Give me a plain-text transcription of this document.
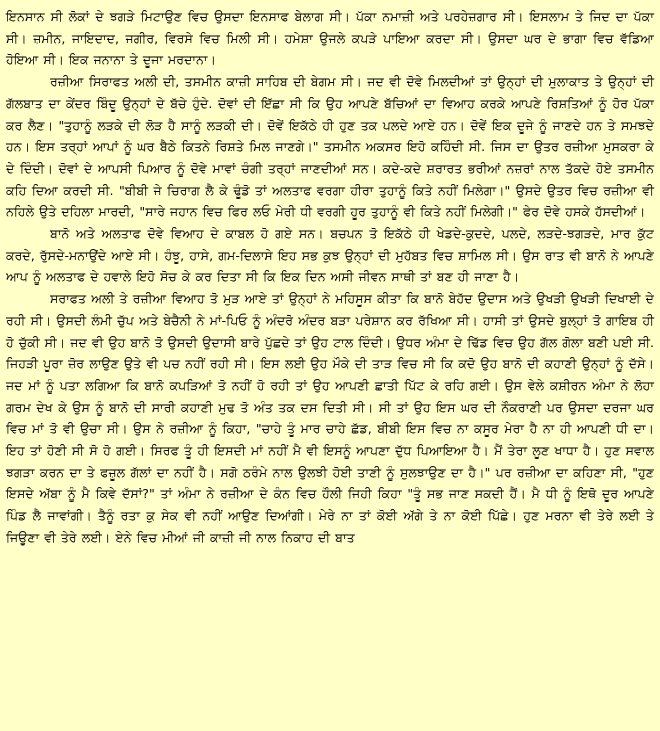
ਇਨਸਾਨ ਸੀ ਲੋਕਾਂ ਦੇ ਝਗੜੇ ਮਿਟਾਉਣ ਵਿਚ ਉਸਦਾ ਇਨਸਾਫ ਬੇਲਾਗ ਸੀ। ਪੱਕਾ ਨਮਾਜ਼ੀ ਅਤੇ ਪਰਹੇਜ਼ਗਾਰ ਸੀ। ਇਸਲਾਮ ਤੇ ਜਿਦ ਦਾ ਪੱਕਾ ਸੀ। ਜ਼ਮੀਨ, ਜਾਇਦਾਦ, ਜਗੀਰ, ਵਿਰਸੇ ਵਿਚ ਮਿਲੀ ਸੀ। ਹਮੇਸ਼ਾ ਉਜਲੇ ਕਪੜੇ ਪਾਇਆ ਕਰਦਾ ਸੀ। ਉਸਦਾ ਘਰ ਦੇ ਭਾਗਾ ਵਿਚ ਵੱਡਿਆ ਹੋਇਆ ਸੀ। ਇਕ ਜਨਾਨਾ ਤੇ ਦੂਜਾ ਮਰਦਾਨਾ।

ਰਜ਼ੀਆ ਸਿਰਾਫਤ ਅਲੀ ਦੀ, ਤਸਮੀਨ ਕਾਜ਼ੀ ਸਾਹਿਬ ਦੀ ਬੇਗਮ ਸੀ। ਜਦ ਵੀ ਦੋਵੇ ਮਿਲਦੀਆਂ ਤਾਂ ਉਨ੍ਹਾਂ ਦੀ ਮੁਲਾਕਾਤ ਤੇ ਉਨ੍ਹਾਂ ਦੀ ਗੱਲਬਾਤ ਦਾ ਕੇਂਦਰ ਬਿੰਦੂ ਉਨ੍ਹਾਂ ਦੇ ਬੱਚੇ ਹੁੰਦੇ. ਦੋਵਾਂ ਦੀ ਇੱਛਾ ਸੀ ਕਿ ਉਹ ਆਪਣੇ ਬੱਚਿਆਂ ਦਾ ਵਿਆਹ ਕਰਕੇ ਆਪਣੇ ਰਿਸ਼ਤਿਆਂ ਨੂੰ ਹੋਰ ਪੱਕਾ ਕਰ ਲੈਣ। "ਤੁਹਾਨੂੰ ਲੜਕੇ ਦੀ ਲੋੜ ਹੈ ਸਾਨੂੰ ਲੜਕੀ ਦੀ। ਦੋਵੇਂ ਇਕੱਠੇ ਹੀ ਹੁਣ ਤਕ ਪਲਦੇ ਆਏ ਹਨ। ਦੋਵੇਂ ਇਕ ਦੂਜੇ ਨੂੰ ਜਾਣਦੇ ਹਨ ਤੇ ਸਮਝਦੇ ਹਨ। ਇਸ ਤਰ੍ਹਾਂ ਆਪਾਂ ਨੂੰ ਘਰ ਬੈਠੇ ਕਿਤਨੇ ਰਿਸ਼ਤੇ ਮਿਲ ਜਾਣਗੇ।" ਤਸਮੀਨ ਅਕਸਰ ਇਹੋ ਕਹਿੰਦੀ ਸੀ. ਜਿਸ ਦਾ ਉਤਰ ਰਜ਼ੀਆ ਮੁਸਕਰਾ ਕੇ ਦੇ ਦਿੰਦੀ। ਦੋਵਾਂ ਦੇ ਆਪਸੀ ਪਿਆਰ ਨੂੰ ਦੋਵੇ ਮਾਵਾਂ ਚੰਗੀ ਤਰ੍ਹਾਂ ਜਾਣਦੀਆਂ ਸਨ। ਕਦੇ-ਕਦੇ ਸ਼ਰਾਰਤ ਭਰੀਆਂ ਨਜ਼ਰਾਂ ਨਾਲ ਤੱਕਦੇ ਹੋਏ ਤਸਮੀਨ ਕਹਿ ਦਿਆ ਕਰਦੀ ਸੀ. "ਬੀਬੀ ਜੇ ਚਿਰਾਗ ਲੈ ਕੇ ਢੂੰਡੋ ਤਾਂ ਅਲਤਾਫ ਵਰਗਾ ਹੀਰਾ ਤੁਹਾਨੂੰ ਕਿਤੇ ਨਹੀਂ ਮਿਲੇਗਾ।" ਉਸਦੇ ਉਤਰ ਵਿਚ ਰਜ਼ੀਆ ਵੀ ਨਹਿਲੇ ਉਤੇ ਦਹਿਲਾ ਮਾਰਦੀ, "ਸਾਰੇ ਜਹਾਨ ਵਿਚ ਫਿਰ ਲਓ ਮੇਰੀ ਧੀ ਵਰਗੀ ਹੂਰ ਤੁਹਾਨੂੰ ਵੀ ਕਿਤੇ ਨਹੀਂ ਮਿਲੇਗੀ।" ਫੇਰ ਦੋਵੇ ਹਸਕੇ ਹੱਸਦੀਆਂ।

ਬਾਨੋ ਅਤੇ ਅਲਤਾਫ ਦੋਵੇ ਵਿਆਹ ਦੇ ਕਾਬਲ ਹੋ ਗਏ ਸਨ। ਬਚਪਨ ਤੋ ਇਕੱਠੇ ਹੀ ਖੇਡਦੇ-ਕੁਦਦੇ, ਪਲਦੇ, ਲੜਦੇ-ਝਗੜਦੇ, ਮਾਰ ਕੁੱਟ ਕਰਦੇ, ਰੁੱਸਦੇ-ਮਨਾਉਂਦੇ ਆਏ ਸੀ। ਹੰਝੂ, ਹਾਸੇ, ਗਮ-ਦਿਲਾਸੇ ਇਹ ਸਭ ਕੁਝ ਉਨ੍ਹਾਂ ਦੀ ਮੁਹੱਬਤ ਵਿਚ ਸ਼ਾਮਿਲ ਸੀ। ਉਸ ਰਾਤ ਵੀ ਬਾਨੋ ਨੇ ਆਪਣੇ ਆਪ ਨੂੰ ਅਲਤਾਫ ਦੇ ਹਵਾਲੇ ਇਹੋ ਸੋਚ ਕੇ ਕਰ ਦਿਤਾ ਸੀ ਕਿ ਇਕ ਦਿਨ ਅਸੀ ਜੀਵਨ ਸਾਥੀ ਤਾਂ ਬਣ ਹੀ ਜਾਣਾ ਹੈ।

ਸਰਾਫਤ ਅਲੀ ਤੇ ਰਜ਼ੀਆ ਵਿਆਹ ਤੋ ਮੁੜ ਆਏ ਤਾਂ ਉਨ੍ਹਾਂ ਨੇ ਮਹਿਸੂਸ ਕੀਤਾ ਕਿ ਬਾਨੋ ਬੇਹੱਦ ਉਦਾਸ ਅਤੇ ਉਖੜੀ ਉਖੜੀ ਦਿਖਾਈ ਦੇ ਰਹੀ ਸੀ। ਉਸਦੀ ਲੰਮੀ ਚੁੱਪ ਅਤੇ ਬੇਚੈਨੀ ਨੇ ਮਾਂ-ਪਿਓ ਨੂੰ ਅੰਦਰੋ ਅੰਦਰ ਬੜਾ ਪਰੇਸ਼ਾਨ ਕਰ ਰੱਖਿਆ ਸੀ। ਹਾਸੀ ਤਾਂ ਉਸਦੇ ਬੁਲ੍ਹਾਂ ਤੋ ਗਾਇਬ ਹੀ ਹੋ ਚੁੱਕੀ ਸੀ। ਜਦ ਵੀ ਉਹ ਬਾਨੋ ਤੋ ਉਸਦੀ ਉਦਾਸੀ ਬਾਰੇ ਪੁੱਛਦੇ ਤਾਂ ਉਹ ਟਾਲ ਦਿੰਦੀ। ਉਧਰ ਅੰਮਾ ਦੇ ਢਿੱਡ ਵਿਚ ਉਹ ਗੱਲ ਗੋਲਾ ਬਣੀ ਪਈ ਸੀ. ਜਿਹੜੀ ਪੂਰਾ ਜ਼ੋਰ ਲਾਉਣ ਉਤੇ ਵੀ ਪਚ ਨਹੀਂ ਰਹੀ ਸੀ। ਇਸ ਲਈ ਉਹ ਮੌਕੇ ਦੀ ਤਾੜ ਵਿਚ ਸੀ ਕਿ ਕਦੋ ਉਹ ਬਾਨੋ ਦੀ ਕਹਾਣੀ ਉਨ੍ਹਾਂ ਨੂੰ ਦੱਸੇ। ਜਦ ਮਾਂ ਨੂੰ ਪਤਾ ਲਗਿਆ ਕਿ ਬਾਨੋ ਕਪੜਿਆਂ ਤੋ ਨਹੀਂ ਹੋ ਰਹੀ ਤਾਂ ਉਹ ਆਪਣੀ ਛਾਤੀ ਪਿੱਟ ਕੇ ਰਹਿ ਗਈ। ਉਸ ਵੇਲੇ ਕਸ਼ੀਰਨ ਅੰਮਾ ਨੇ ਲੋਹਾ ਗਰਮ ਦੇਖ ਕੇ ਉਸ ਨੂੰ ਬਾਨੋ ਦੀ ਸਾਰੀ ਕਹਾਣੀ ਮੁਢ ਤੋ ਅੰਤ ਤਕ ਦਸ ਦਿਤੀ ਸੀ। ਸੀ ਤਾਂ ਉਹ ਇਸ ਘਰ ਦੀ ਨੌਕਰਾਣੀ ਪਰ ਉਸਦਾ ਦਰਜਾ ਘਰ ਵਿਚ ਮਾਂ ਤੋ ਵੀ ਉਚਾ ਸੀ। ਉਸ ਨੇ ਰਜ਼ੀਆ ਨੂੰ ਕਿਹਾ, "ਚਾਹੇ ਤੂੰ ਮਾਰ ਚਾਹੇ ਛੱਡ, ਬੀਬੀ ਇਸ ਵਿਚ ਨਾ ਕਸੂਰ ਮੇਰਾ ਹੈ ਨਾ ਹੀ ਆਪਣੀ ਧੀ ਦਾ। ਇਹ ਤਾਂ ਹੋਣੀ ਸੀ ਸੋ ਹੋ ਗਈ। ਸਿਰਫ ਤੂੰ ਹੀ ਇਸਦੀ ਮਾਂ ਨਹੀਂ ਮੈ ਵੀ ਇਸਨੂੰ ਆਪਣਾ ਦੁੱਧ ਪਿਆਇਆ ਹੈ। ਮੈਂ ਤੇਰਾ ਲੂਣ ਖਾਧਾ ਹੈ। ਹੁਣ ਸਵਾਲ ਝਗੜਾ ਕਰਨ ਦਾ ਤੇ ਫਜ਼ੂਲ ਗੱਲਾਂ ਦਾ ਨਹੀਂ ਹੈ। ਸਗੋ ਠਰੰਮੇ ਨਾਲ ਉਲਝੀ ਹੋਈ ਤਾਣੀ ਨੂੰ ਸੁਲਝਾਉਣ ਦਾ ਹੈ।" ਪਰ ਰਜ਼ੀਆ ਦਾ ਕਹਿਣਾ ਸੀ, "ਹੁਣ ਇਸਦੇ ਅੱਬਾ ਨੂੰ ਮੈ ਕਿਵੇ ਦੱਸਾਂ?" ਤਾਂ ਅੰਮਾ ਨੇ ਰਜ਼ੀਆ ਦੇ ਕੰਨ ਵਿਚ ਹੌਲੀ ਜਿਹੀ ਕਿਹਾ "ਤੂੰ ਸਭ ਜਾਣ ਸਕਦੀ ਹੈਂ। ਮੈ ਧੀ ਨੂੰ ਇਥੋ ਦੂਰ ਆਪਣੇ ਪਿੰਡ ਲੈ ਜਾਵਾਂਗੀ। ਤੈਨੂੰ ਰਤਾ ਕੁ ਸੇਕ ਵੀ ਨਹੀਂ ਆਉਣ ਦਿਆਂਗੀ। ਮੇਰੇ ਨਾ ਤਾਂ ਕੋਈ ਅੱਗੇ ਤੇ ਨਾ ਕੋਈ ਪਿੱਛੇ। ਹੁਣ ਮਰਨਾ ਵੀ ਤੇਰੇ ਲਈ ਤੇ ਜਿਊਣਾ ਵੀ ਤੇਰੇ ਲਈ। ਏਨੇ ਵਿਚ ਮੀਆਂ ਜੀ ਕਾਜ਼ੀ ਜੀ ਨਾਲ ਨਿਕਾਹ ਦੀ ਬਾਤ
